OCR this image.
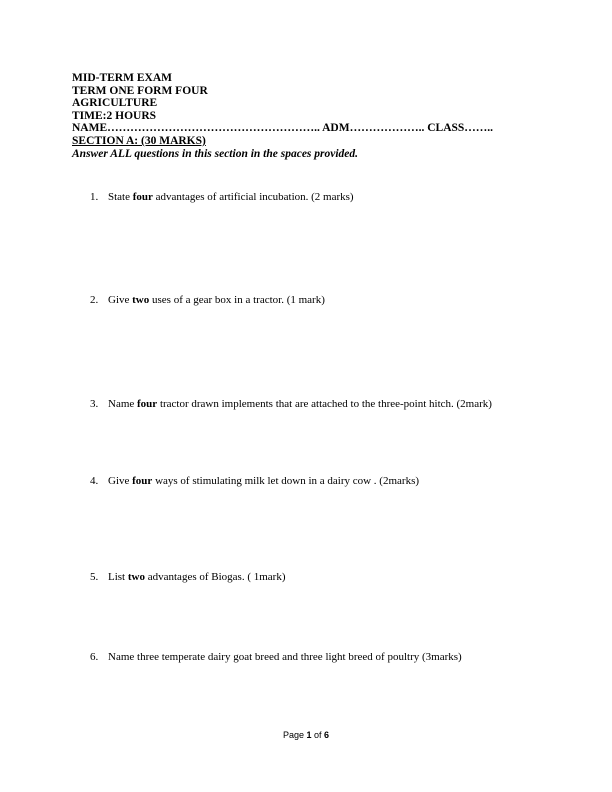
MID-TERM EXAM
TERM ONE FORM FOUR
AGRICULTURE
TIME:2 HOURS
NAME……………………………………………….. ADM……………….. CLASS……..
SECTION A: (30 MARKS)
Answer ALL questions in this section in the spaces provided.
1. State four advantages of artificial incubation. (2 marks)
2. Give two uses of a gear box in a tractor. (1 mark)
3. Name four tractor drawn implements that are attached to the three-point hitch. (2mark)
4. Give four ways of stimulating milk let down in a dairy cow . (2marks)
5. List two advantages of Biogas. ( 1mark)
6. Name three temperate dairy goat breed and three light breed of poultry (3marks)
Page 1 of 6
